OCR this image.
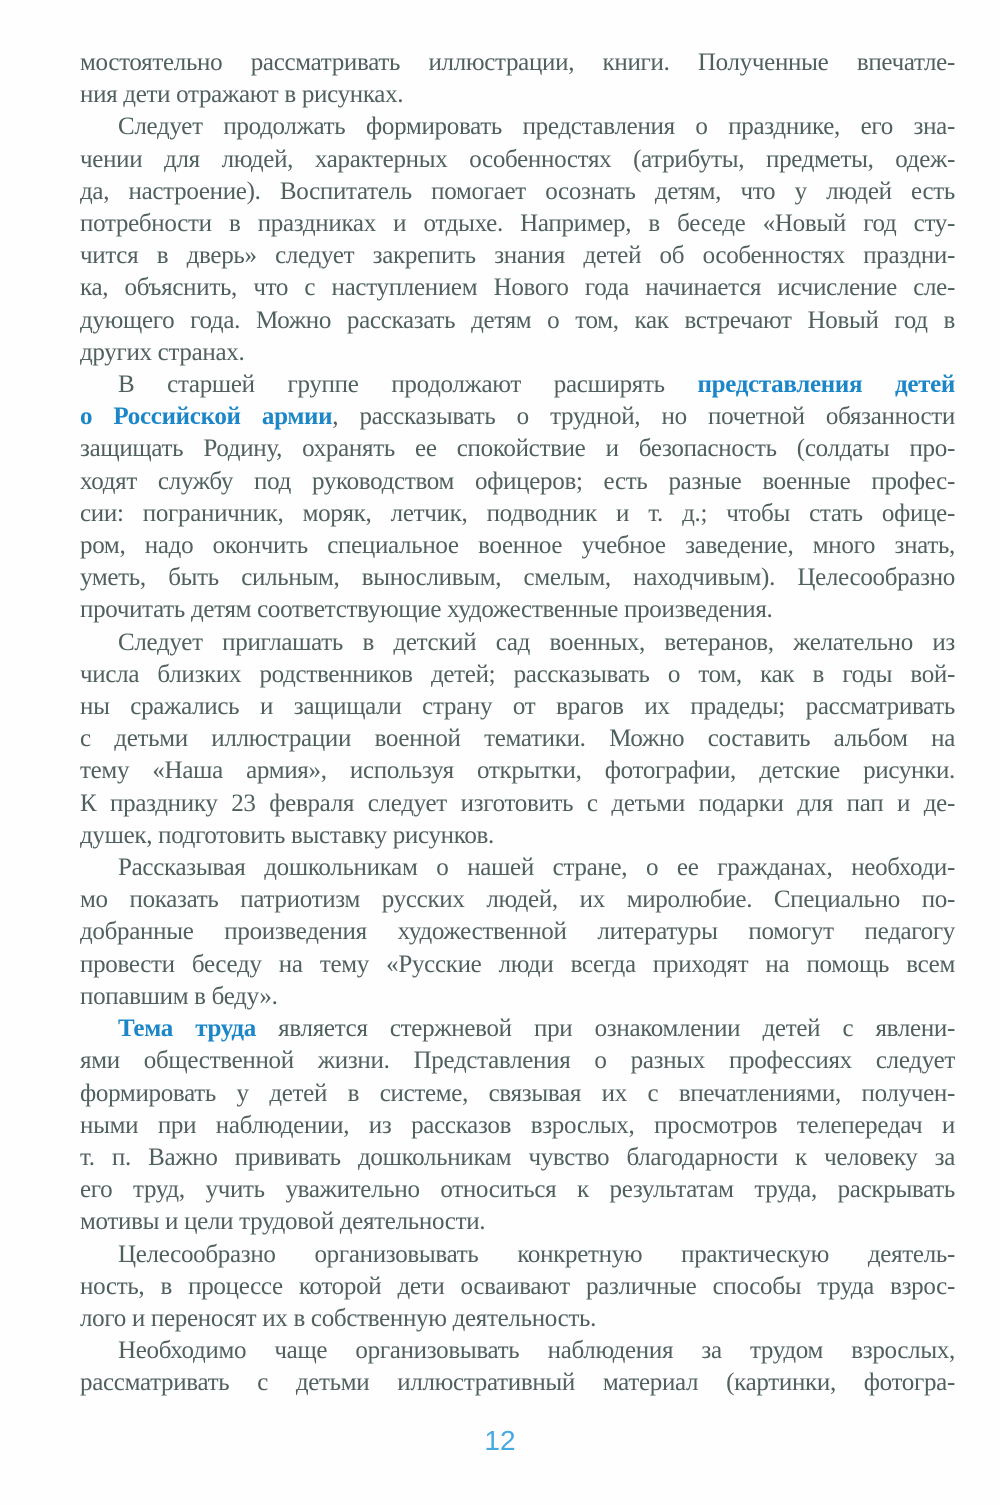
мостоятельно рассматривать иллюстрации, книги. Полученные впечатле-
ния дети отражают в рисунках.
Следует продолжать формировать представления о празднике, его зна-
чении для людей, характерных особенностях (атрибуты, предметы, одеж-
да, настроение). Воспитатель помогает осознать детям, что у людей есть
потребности в праздниках и отдыхе. Например, в беседе «Новый год сту-
чится в дверь» следует закрепить знания детей об особенностях праздни-
ка, объяснить, что с наступлением Нового года начинается исчисление сле-
дующего года. Можно рассказать детям о том, как встречают Новый год в
других странах.
В старшей группе продолжают расширять представления детей
о Российской армии, рассказывать о трудной, но почетной обязанности
защищать Родину, охранять ее спокойствие и безопасность (солдаты про-
ходят службу под руководством офицеров; есть разные военные профес-
сии: пограничник, моряк, летчик, подводник и т. д.; чтобы стать офице-
ром, надо окончить специальное военное учебное заведение, много знать,
уметь, быть сильным, выносливым, смелым, находчивым). Целесообразно
прочитать детям соответствующие художественные произведения.
Следует приглашать в детский сад военных, ветеранов, желательно из
числа близких родственников детей; рассказывать о том, как в годы вой-
ны сражались и защищали страну от врагов их прадеды; рассматривать
с детьми иллюстрации военной тематики. Можно составить альбом на
тему «Наша армия», используя открытки, фотографии, детские рисунки.
К празднику 23 февраля следует изготовить с детьми подарки для пап и де-
душек, подготовить выставку рисунков.
Рассказывая дошкольникам о нашей стране, о ее гражданах, необходи-
мо показать патриотизм русских людей, их миролюбие. Специально по-
добранные произведения художественной литературы помогут педагогу
провести беседу на тему «Русские люди всегда приходят на помощь всем
попавшим в беду».
Тема труда является стержневой при ознакомлении детей с явлени-
ями общественной жизни. Представления о разных профессиях следует
формировать у детей в системе, связывая их с впечатлениями, получен-
ными при наблюдении, из рассказов взрослых, просмотров телепередач и
т. п. Важно прививать дошкольникам чувство благодарности к человеку за
его труд, учить уважительно относиться к результатам труда, раскрывать
мотивы и цели трудовой деятельности.
Целесообразно организовывать конкретную практическую деятель-
ность, в процессе которой дети осваивают различные способы труда взрос-
лого и переносят их в собственную деятельность.
Необходимо чаще организовывать наблюдения за трудом взрослых,
рассматривать с детьми иллюстративный материал (картинки, фотогра-
12
